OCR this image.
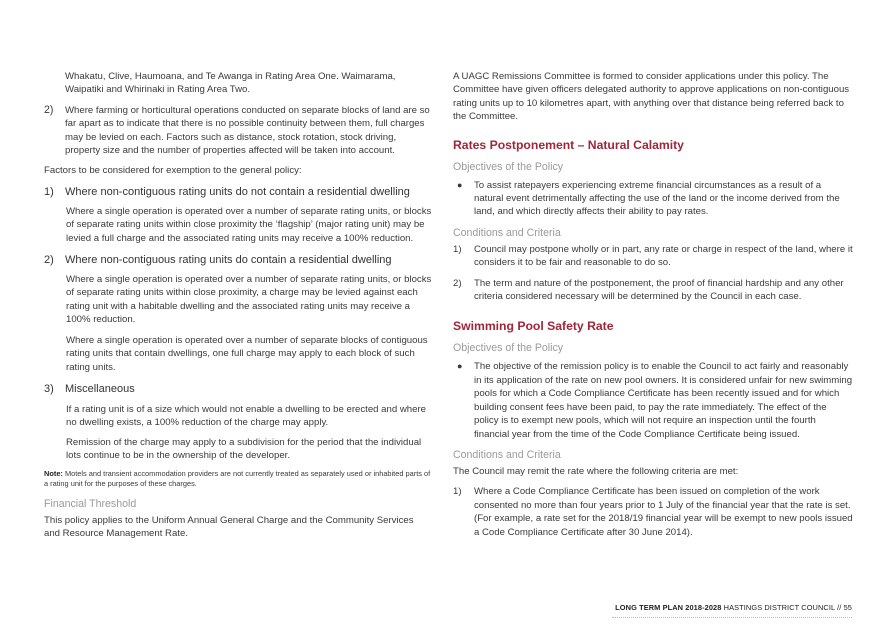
Whakatu, Clive, Haumoana, and Te Awanga in Rating Area One. Waimarama, Waipatiki and Whirinaki in Rating Area Two.

2)	Where farming or horticultural operations conducted on separate blocks of land are so far apart as to indicate that there is no possible continuity between them, full charges may be levied on each. Factors such as distance, stock rotation, stock driving, property size and the number of properties affected will be taken into account.

Factors to be considered for exemption to the general policy:

1)	Where non-contiguous rating units do not contain a residential dwelling

Where a single operation is operated over a number of separate rating units, or blocks of separate rating units within close proximity the ‘flagship’ (major rating unit) may be levied a full charge and the associated rating units may receive a 100% reduction.

2)	Where non-contiguous rating units do contain a residential dwelling

Where a single operation is operated over a number of separate rating units, or blocks of separate rating units within close proximity, a charge may be levied against each rating unit with a habitable dwelling and the associated rating units may receive a 100% reduction.

Where a single operation is operated over a number of separate blocks of contiguous rating units that contain dwellings, one full charge may apply to each block of such rating units.

3)	Miscellaneous

If a rating unit is of a size which would not enable a dwelling to be erected and where no dwelling exists, a 100% reduction of the charge may apply.

Remission of the charge may apply to a subdivision for the period that the individual lots continue to be in the ownership of the developer.

Note: Motels and transient accommodation providers are not currently treated as separately used or inhabited parts of a rating unit for the purposes of these charges.

Financial Threshold

This policy applies to the Uniform Annual General Charge and the Community Services and Resource Management Rate.

A UAGC Remissions Committee is formed to consider applications under this policy. The Committee have given officers delegated authority to approve applications on non-contiguous rating units up to 10 kilometres apart, with anything over that distance being referred back to the Committee.

Rates Postponement – Natural Calamity

Objectives of the Policy

●	To assist ratepayers experiencing extreme financial circumstances as a result of a natural event detrimentally affecting the use of the land or the income derived from the land, and which directly affects their ability to pay rates.

Conditions and Criteria

1)	Council may postpone wholly or in part, any rate or charge in respect of the land, where it considers it to be fair and reasonable to do so.
2)	The term and nature of the postponement, the proof of financial hardship and any other criteria considered necessary will be determined by the Council in each case.

Swimming Pool Safety Rate

Objectives of the Policy

●	The objective of the remission policy is to enable the Council to act fairly and reasonably in its application of the rate on new pool owners. It is considered unfair for new swimming pools for which a Code Compliance Certificate has been recently issued and for which building consent fees have been paid, to pay the rate immediately. The effect of the policy is to exempt new pools, which will not require an inspection until the fourth financial year from the time of the Code Compliance Certificate being issued.

Conditions and Criteria

The Council may remit the rate where the following criteria are met:

1)	Where a Code Compliance Certificate has been issued on completion of the work consented no more than four years prior to 1 July of the financial year that the rate is set. (For example, a rate set for the 2018/19 financial year will be exempt to new pools issued a Code Compliance Certificate after 30 June 2014).
LONG TERM PLAN 2018-2028 HASTINGS DISTRICT COUNCIL // 55
